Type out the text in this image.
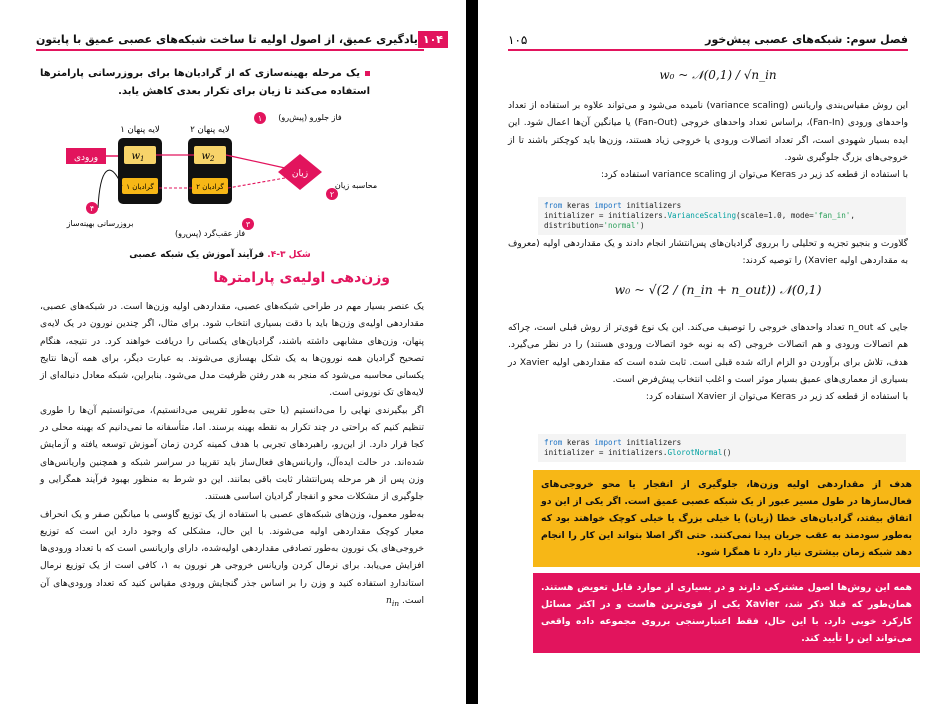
یادگیری عمیق، از اصول اولیه تا ساخت شبکه‌های عصبی عمیق با پایتون ۱۰۴
یک مرحله بهینه‌سازی که از گرادیان‌ها برای بروزرسانی پارامترها استفاده می‌کند تا زیان برای تکرار بعدی کاهش یابد.
ورودی
لایه پنهان ۱	لایه پنهان ۲
$w_1$
گرادیان ۱
$w_2$
گرادیان ۲
زیان
۱ فاز جلورو (پیش‌رو)
۲
محاسبه زیان
۳
فاز عقب‌گرد (پس‌رو)
۴
بروزرسانی بهینه‌ساز
شکل ۳-۴. فرآیند آموزش یک شبکه عصبی
وزن‌دهی اولیه‌ی پارامترها

یک عنصر بسیار مهم در طراحی شبکه‌های عصبی، مقداردهی اولیه وزن‌ها است. در شبکه‌های عصبی، مقداردهی اولیه‌ی وزن‌ها باید با دقت بسیاری انتخاب شود. برای مثال، اگر چندین نورون در یک لایه‌ی پنهان، وزن‌های مشابهی داشته باشند، گرادیان‌های یکسانی را دریافت خواهند کرد. در نتیجه، هنگام تصحیح گرادیان همه نورون‌ها به یک شکل بهسازی می‌شوند. به عبارت دیگر، برای همه آن‌ها نتایج یکسانی محاسبه می‌شود که منجر به هدر رفتن ظرفیت مدل می‌شود. بنابراین، شبکه معادل دنباله‌ای از لایه‌های تک نورونی است.

اگر بیگیرندی نهایی را می‌دانستیم (یا حتی به‌طور تقریبی می‌دانستیم)، می‌توانستیم آن‌ها را طوری تنظیم کنیم که براحتی در چند تکرار به نقطه بهینه برسند. اما، متأسفانه ما نمی‌دانیم که بهینه محلی در کجا قرار دارد. از این‌رو، راهبردهای تجربی با هدف کمینه کردن زمان آموزش توسعه یافته و آزمایش شده‌اند. در حالت ایده‌آل، واریانس‌های فعال‌ساز باید تقریبا در سراسر شبکه و همچنین واریانس‌های وزن پس از هر مرحله پس‌انتشار ثابت باقی بمانند. این دو شرط به منظور بهبود فرآیند همگرایی و جلوگیری از مشکلات محو و انفجار گرادیان اساسی هستند.

به‌طور معمول، وزن‌های شبکه‌های عصبی با استفاده از یک توزیع گاوسی با میانگین صفر و یک انحراف معیار کوچک مقداردهی اولیه می‌شوند. با این حال، مشکلی که وجود دارد این است که توزیع خروجی‌های یک نورون به‌طور تصادفی مقداردهی اولیه‌شده، دارای واریانسی است که با تعداد ورودی‌ها افزایش می‌یابد. برای نرمال کردن واریانس خروجی هر نورون به ۱، کافی است از یک توزیع نرمال استانداردِ استفاده کنید و وزن را بر اساس جذر گنجایش ورودی مقیاس کنید که تعداد ورودی‌های آن است. $n_{in}$

۱۰۵	فصل سوم: شبکه‌های عصبی پیش‌خور
w₀ ~ 𝒩(0,1) / √n_in

این روش مقیاس‌بندی واریانس (variance scaling) نامیده می‌شود و می‌تواند علاوه بر استفاده از تعداد واحدهای ورودی (Fan-In)، براساس تعداد واحدهای خروجی (Fan-Out) یا میانگین آن‌ها اعمال شود. این ایده بسیار شهودی است، اگر تعداد اتصالات ورودی یا خروجی زیاد هستند، وزن‌ها باید کوچکتر باشند تا از خروجی‌های بزرگ جلوگیری شود.

با استفاده از قطعه کد زیر در Keras می‌توان از variance scaling استفاده کرد:

from keras import initializers
initializer = initializers.VarianceScaling(scale=1.0, mode='fan_in',
distribution='normal')
گلاورت و بنجیو تجزیه و تحلیلی را برروی گرادیان‌های پس‌انتشار انجام دادند و یک مقداردهی اولیه (معروف به مقداردهی اولیه Xavier) را توصیه کردند:
w₀ ~ √(2 / (n_in + n_out)) 𝒩(0,1)

جایی که n_out تعداد واحدهای خروجی را توصیف می‌کند. این یک نوع قوی‌تر از روش قبلی است، چراکه هم اتصالات ورودی و هم اتصالات خروجی (که به نوبه خود اتصالات ورودی هستند) را در نظر می‌گیرد. هدف، تلاش برای برآوردن دو الزام ارائه شده قبلی است. ثابت شده است که مقداردهی اولیه Xavier در بسیاری از معماری‌های عمیق بسیار موثر است و اغلب انتخاب پیش‌فرض است.

با استفاده از قطعه کد زیر در Keras می‌توان از Xavier استفاده کرد:

from keras import initializers
initializer = initializers.GlorotNormal()
هدف از مقداردهی اولیه وزن‌ها، جلوگیری از انفجار یا محو خروجی‌های فعال‌سازها در طول مسیر عبور از یک شبکه عصبی عمیق است. اگر یکی از این دو اتفاق بیفتد، گرادیان‌های خطا (زیان) یا خیلی بزرگ یا خیلی کوچک خواهند بود که به‌طور سودمند به عقب جریان پیدا نمی‌کنند. حتی اگر اصلا بتواند این کار را انجام دهد شبکه زمان بیشتری نیاز دارد تا همگرا شود.
همه این روش‌ها اصول مشترکی دارند و در بسیاری از موارد قابل تعویض هستند. همان‌طور که قبلا ذکر شد، Xavier یکی از قوی‌ترین هاست و در اکثر مسائل کارکرد خوبی دارد. با این حال، فقط اعتبارسنجی برروی مجموعه داده واقعی می‌تواند این را تأیید کند.
